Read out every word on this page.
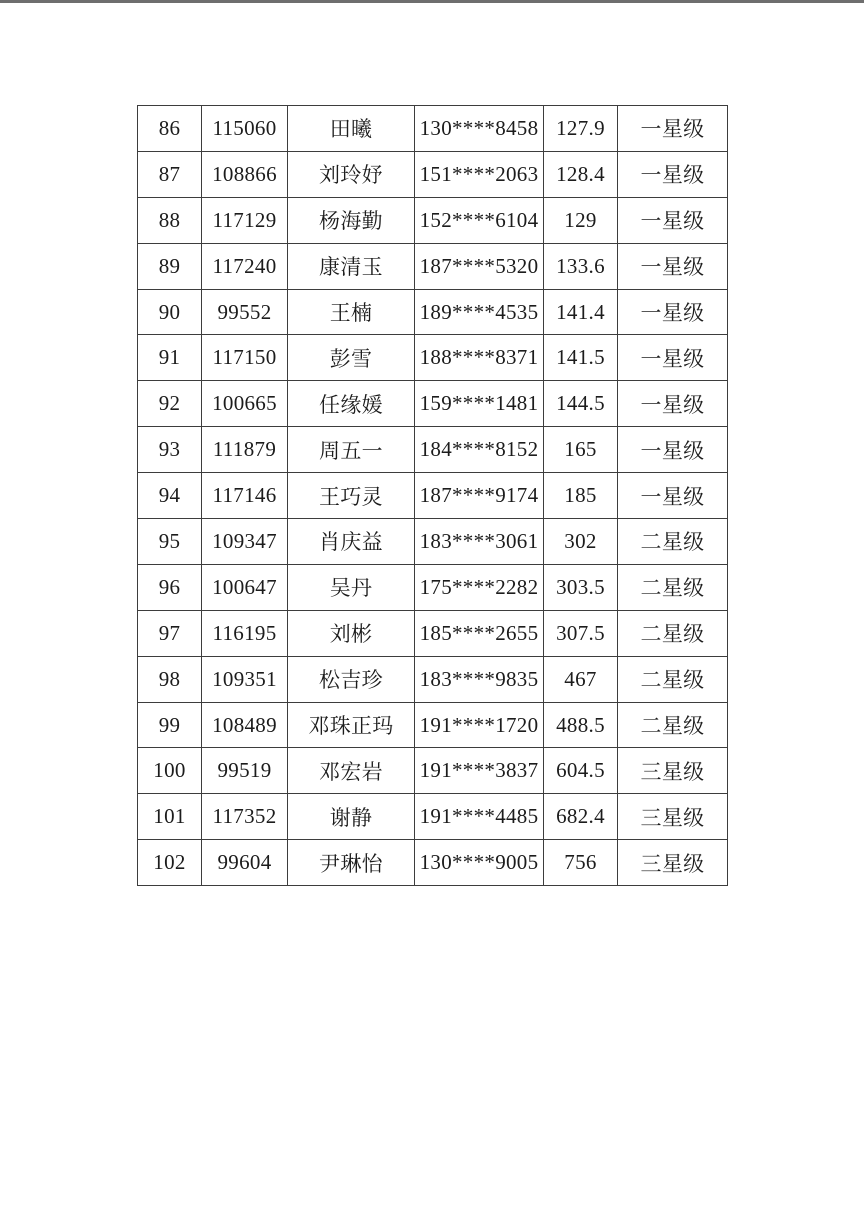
86	115060	田曦	130****8458	127.9	一星级
87	108866	刘玲妤	151****2063	128.4	一星级
88	117129	杨海勤	152****6104	129	一星级
89	117240	康清玉	187****5320	133.6	一星级
90	99552	王楠	189****4535	141.4	一星级
91	117150	彭雪	188****8371	141.5	一星级
92	100665	任缘媛	159****1481	144.5	一星级
93	111879	周五一	184****8152	165	一星级
94	117146	王巧灵	187****9174	185	一星级
95	109347	肖庆益	183****3061	302	二星级
96	100647	吴丹	175****2282	303.5	二星级
97	116195	刘彬	185****2655	307.5	二星级
98	109351	松吉珍	183****9835	467	二星级
99	108489	邓珠正玛	191****1720	488.5	二星级
100	99519	邓宏岩	191****3837	604.5	三星级
101	117352	谢静	191****4485	682.4	三星级
102	99604	尹琳怡	130****9005	756	三星级
